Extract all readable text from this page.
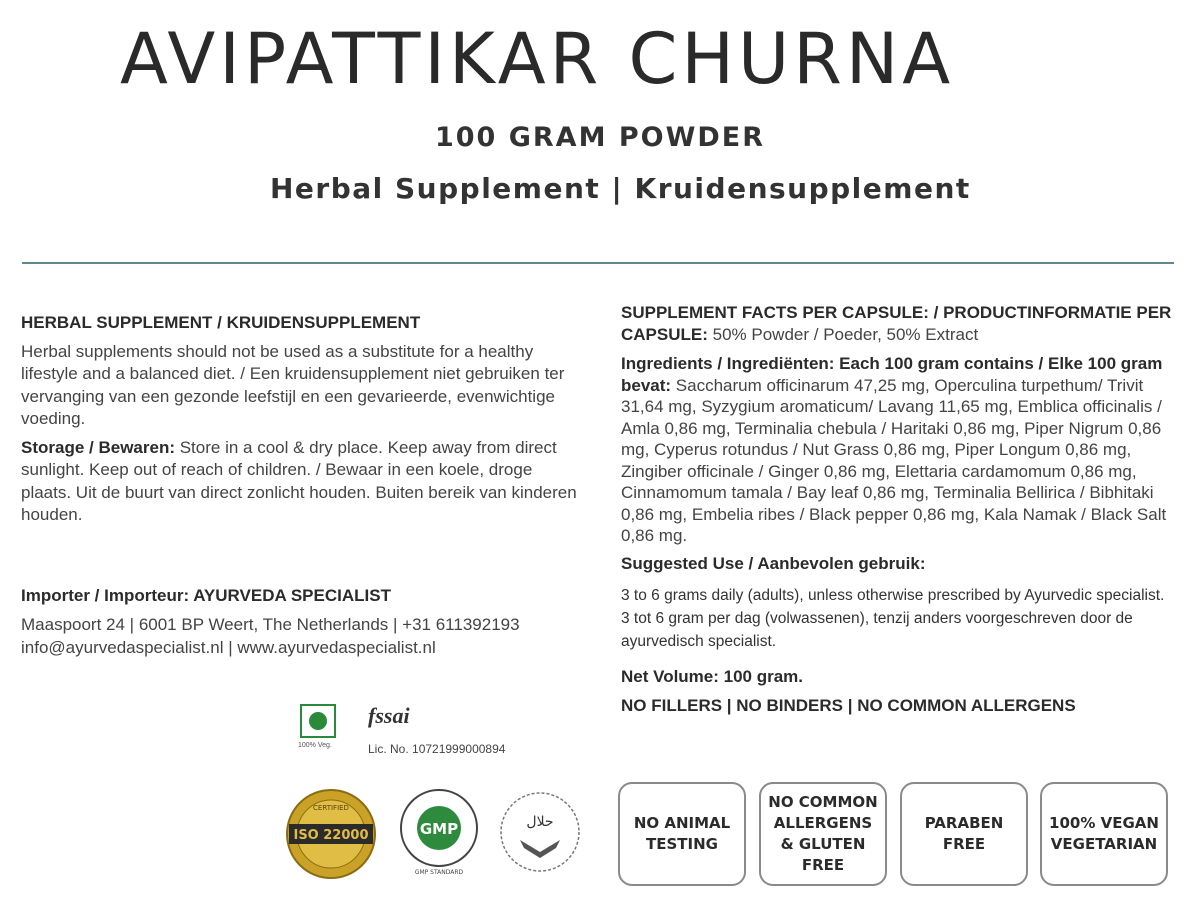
AVIPATTIKAR CHURNA
100 GRAM POWDER
Herbal Supplement | Kruidensupplement

HERBAL SUPPLEMENT / KRUIDENSUPPLEMENT

Herbal supplements should not be used as a substitute for a healthy lifestyle and a balanced diet. / Een kruidensupplement niet gebruiken ter vervanging van een gezonde leefstijl en een gevarieerde, evenwichtige voeding.

Storage / Bewaren: Store in a cool & dry place. Keep away from direct sunlight. Keep out of reach of children. / Bewaar in een koele, droge plaats. Uit de buurt van direct zonlicht houden. Buiten bereik van kinderen houden.

Importer / Importeur: AYURVEDA SPECIALIST

Maaspoort 24 | 6001 BP Weert, The Netherlands | +31 611392193

info@ayurvedaspecialist.nl | www.ayurvedaspecialist.nl

100% Veg.
fssai
Lic. No. 10721999000894
ISO 22000
CERTIFIED
GMP
GMP STANDARD
حلال

SUPPLEMENT FACTS PER CAPSULE: / PRODUCTINFORMATIE PER CAPSULE: 50% Powder / Poeder, 50% Extract

Ingredients / Ingrediënten: Each 100 gram contains / Elke 100 gram bevat: Saccharum officinarum 47,25 mg, Operculina turpethum/ Trivit 31,64 mg, Syzygium aromaticum/ Lavang 11,65 mg, Emblica officinalis / Amla 0,86 mg, Terminalia chebula / Haritaki 0,86 mg, Piper Nigrum 0,86 mg, Cyperus rotundus / Nut Grass 0,86 mg, Piper Longum 0,86 mg, Zingiber officinale / Ginger 0,86 mg, Elettaria cardamomum 0,86 mg, Cinnamomum tamala / Bay leaf 0,86 mg, Terminalia Bellirica / Bibhitaki 0,86 mg, Embelia ribes / Black pepper 0,86 mg, Kala Namak / Black Salt 0,86 mg.

Suggested Use / Aanbevolen gebruik:

3 to 6 grams daily (adults), unless otherwise prescribed by Ayurvedic specialist.

3 tot 6 gram per dag (volwassenen), tenzij anders voorgeschreven door de ayurvedisch specialist.

Net Volume: 100 gram.

NO FILLERS | NO BINDERS | NO COMMON ALLERGENS

NO ANIMAL TESTING
NO COMMON ALLERGENS & GLUTEN FREE
PARABEN FREE
100% VEGAN VEGETARIAN
